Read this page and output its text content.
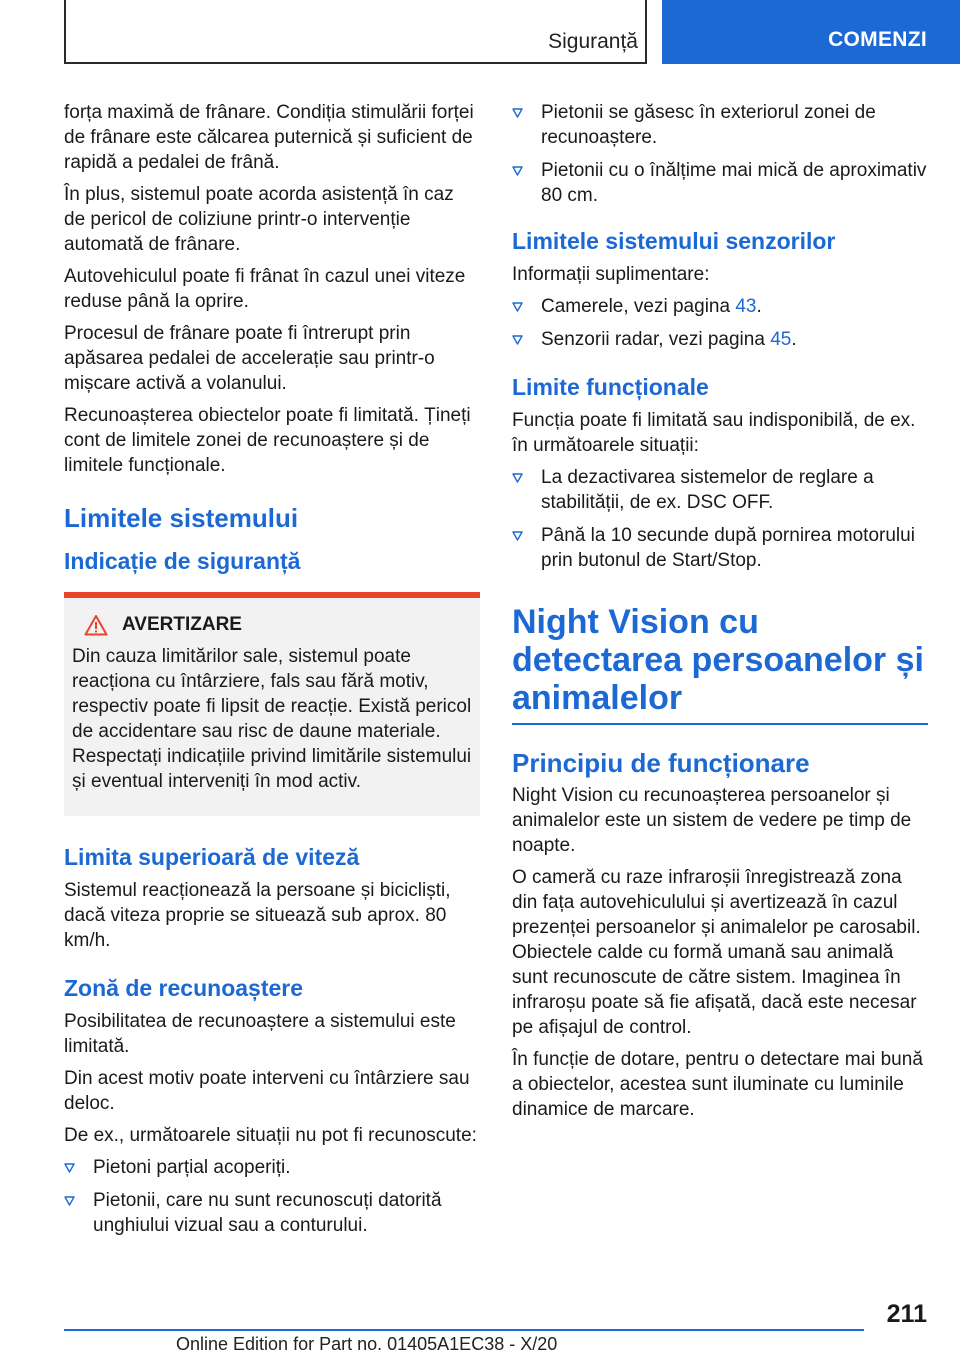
Siguranță	COMENZI

forța maximă de frânare. Condiția stimulării forței de frânare este călcarea puternică și suficient de rapidă a pedalei de frână.

În plus, sistemul poate acorda asistență în caz de pericol de coliziune printr-o intervenție automată de frânare.

Autovehiculul poate fi frânat în cazul unei viteze reduse până la oprire.

Procesul de frânare poate fi întrerupt prin apăsarea pedalei de accelerație sau printr-o mișcare activă a volanului.

Recunoașterea obiectelor poate fi limitată. Țineți cont de limitele zonei de recunoaștere și de limitele funcționale.

Limitele sistemului
Indicație de siguranță
AVERTIZARE

Din cauza limitărilor sale, sistemul poate reacționa cu întârziere, fals sau fără motiv, respectiv poate fi lipsit de reacție. Există pericol de accidentare sau risc de daune materiale. Respectați indicațiile privind limitările sistemului și eventual interveniți în mod activ.

Limita superioară de viteză

Sistemul reacționează la persoane și bicicliști, dacă viteza proprie se situează sub aprox. 80 km/h.

Zonă de recunoaștere

Posibilitatea de recunoaștere a sistemului este limitată.

Din acest motiv poate interveni cu întârziere sau deloc.

De ex., următoarele situații nu pot fi recunoscute:

Pietoni parțial acoperiți.
Pietonii, care nu sunt recunoscuți datorită unghiului vizual sau a conturului.
Pietonii se găsesc în exteriorul zonei de recunoaștere.
Pietonii cu o înălțime mai mică de aproximativ 80 cm.
Limitele sistemului senzorilor

Informații suplimentare:

Camerele, vezi pagina 43.
Senzorii radar, vezi pagina 45.
Limite funcționale

Funcția poate fi limitată sau indisponibilă, de ex. în următoarele situații:

La dezactivarea sistemelor de reglare a stabilității, de ex. DSC OFF.
Până la 10 secunde după pornirea motorului prin butonul de Start/Stop.
Night Vision cu detectarea persoanelor și animalelor
Principiu de funcționare

Night Vision cu recunoașterea persoanelor și animalelor este un sistem de vedere pe timp de noapte.

O cameră cu raze infraroșii înregistrează zona din fața autovehiculului și avertizează în cazul prezenței persoanelor și animalelor pe carosabil. Obiectele calde cu formă umană sau animală sunt recunoscute de către sistem. Imaginea în infraroșu poate să fie afișată, dacă este necesar pe afișajul de control.

În funcție de dotare, pentru o detectare mai bună a obiectelor, acestea sunt iluminate cu luminile dinamice de marcare.

211
Online Edition for Part no. 01405A1EC38 - X/20
